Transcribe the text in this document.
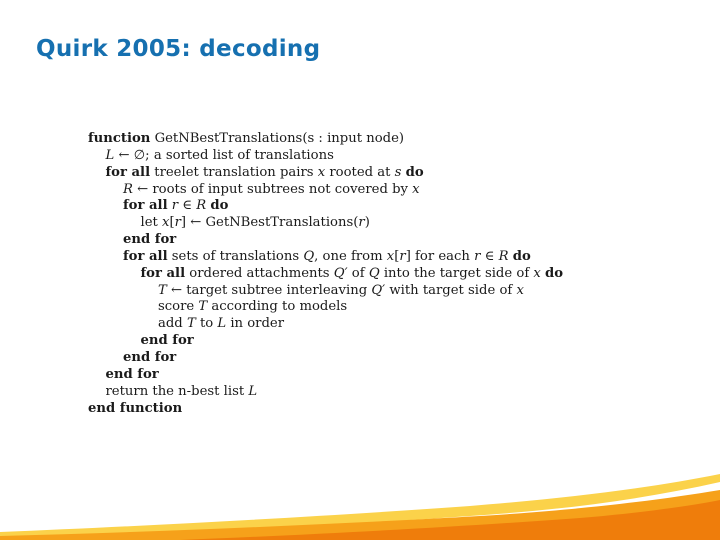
Quirk 2005: decoding
function GetNBestTranslations(s : input node)
L ← ∅; a sorted list of translations
for all treelet translation pairs x rooted at s do
R ← roots of input subtrees not covered by x
for all r ∈ R do
let x[r] ← GetNBestTranslations(r)
end for
for all sets of translations Q, one from x[r] for each r ∈ R do
for all ordered attachments Q′ of Q into the target side of x do
T ← target subtree interleaving Q′ with target side of x
score T according to models
add T to L in order
end for
end for
end for
return the n-best list L
end function
